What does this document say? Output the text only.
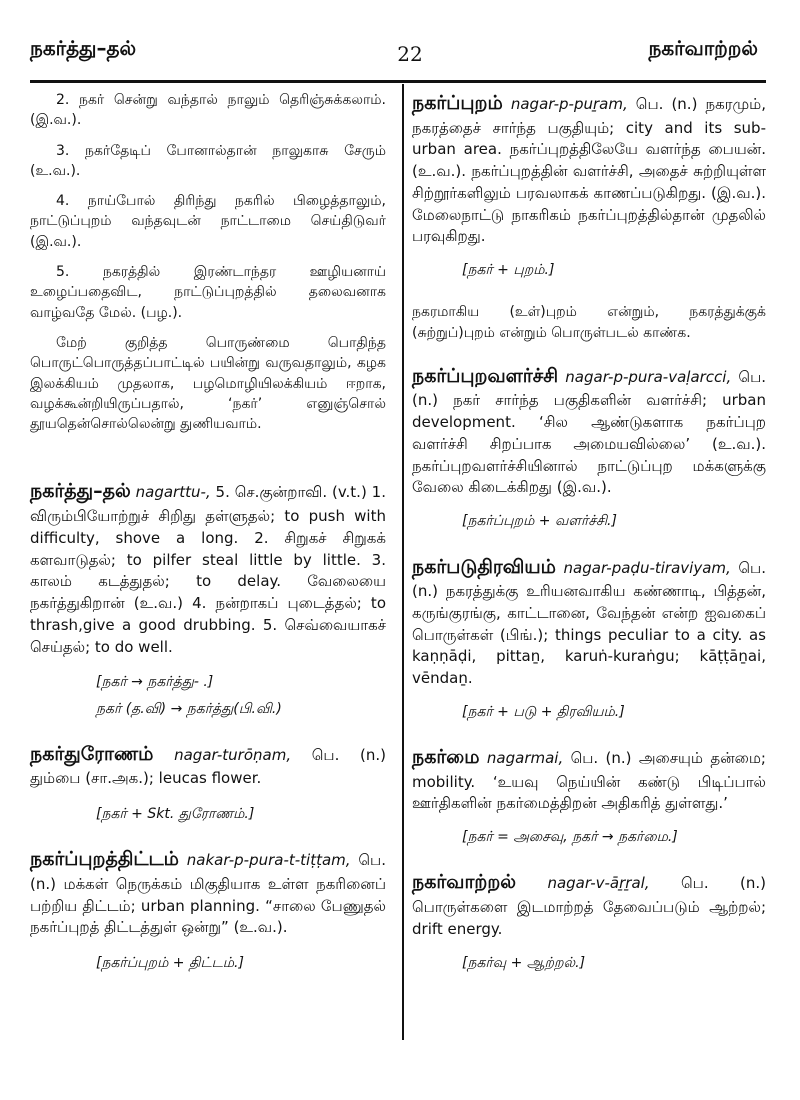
நகர்த்து–தல்	22	நகர்வாற்றல்

2. நகர் சென்று வந்தால் நாலும் தெரிஞ்சுக்கலாம். (இ.வ.).

3. நகர்தேடிப் போனால்தான் நாலுகாசு சேரும் (உ.வ.).

4. நாய்போல் திரிந்து நகரில் பிழைத்தாலும், நாட்டுப்புறம் வந்தவுடன் நாட்டாமை செய்திடுவர் (இ.வ.).

5. நகரத்தில் இரண்டாந்தர ஊழியனாய் உழைப்பதைவிட, நாட்டுப்புறத்தில் தலைவனாக வாழ்வதே மேல். (பழ.).

மேற் குறித்த பொருண்மை பொதிந்த பொருட்பொருத்தப்பாட்டில் பயின்று வருவதாலும், கழக இலக்கியம் முதலாக, பழமொழியிலக்கியம் ஈறாக, வழக்கூன்றியிருப்பதால், ‘நகர்’ எனுஞ்சொல் தூயதென்சொல்லென்று துணியவாம்.

நகர்த்து–தல் nagarttu-, 5. செ.குன்றாவி. (v.t.) 1. விரும்பியோற்றுச் சிறிது தள்ளுதல்; to push with difficulty, shove a long. 2. சிறுகச் சிறுகக் களவாடுதல்; to pilfer steal little by little. 3. காலம் கடத்துதல்; to delay. வேலையை நகர்த்துகிறான் (உ.வ.) 4. நன்றாகப் புடைத்தல்; to thrash,give a good drubbing. 5. செவ்வையாகச் செய்தல்; to do well.

[நகர் → நகர்த்து- .]

நகர் (த.வி) → நகர்த்து(பி.வி.)

நகர்துரோணம் nagar-turōṇam, பெ. (n.) தும்பை (சா.அக.); leucas flower.

[நகர் + Skt. துரோணம்.]

நகர்ப்புறத்திட்டம் nakar-p-pura-t-tiṭṭam, பெ. (n.) மக்கள் நெருக்கம் மிகுதியாக உள்ள நகரினைப் பற்றிய திட்டம்; urban planning. “சாலை பேணுதல் நகர்ப்புறத் திட்டத்துள் ஒன்று” (உ.வ.).

[நகர்ப்புறம் + திட்டம்.]

நகர்ப்புறம் nagar-p-puṟam, பெ. (n.) நகரமும், நகரத்தைச் சார்ந்த பகுதியும்; city and its sub-urban area. நகர்ப்புறத்திலேயே வளர்ந்த பையன். (உ.வ.). நகர்ப்புறத்தின் வளர்ச்சி, அதைச் சுற்றியுள்ள சிற்றூர்களிலும் பரவலாகக் காணப்படுகிறது. (இ.வ.). மேலைநாட்டு நாகரிகம் நகர்ப்புறத்தில்தான் முதலில் பரவுகிறது.

[நகர் + புறம்.]

நகரமாகிய (உள்)புறம் என்றும், நகரத்துக்குக் (சுற்றுப்)புறம் என்றும் பொருள்படல் காண்க.

நகர்ப்புறவளர்ச்சி nagar-p-pura-vaḷarcci, பெ. (n.) நகர் சார்ந்த பகுதிகளின் வளர்ச்சி; urban development. ‘சில ஆண்டுகளாக நகர்ப்புற வளர்ச்சி சிறப்பாக அமையவில்லை’ (உ.வ.). நகர்ப்புறவளர்ச்சியினால் நாட்டுப்புற மக்களுக்கு வேலை கிடைக்கிறது (இ.வ.).

[நகர்ப்புறம் + வளர்ச்சி.]

நகர்படுதிரவியம் nagar-paḍu-tiraviyam, பெ. (n.) நகரத்துக்கு உரியனவாகிய கண்ணாடி, பித்தன், கருங்குரங்கு, காட்டானை, வேந்தன் என்ற ஐவகைப் பொருள்கள் (பிங்.); things peculiar to a city. as kaṇṇāḍi, pittaṉ, karuṅ-kuraṅgu; kāṭṭāṉai, vēndaṉ.

[நகர் + படு + திரவியம்.]

நகர்மை nagarmai, பெ. (n.) அசையும் தன்மை; mobility. ‘உயவு நெய்யின் கண்டு பிடிப்பால் ஊர்திகளின் நகர்மைத்திறன் அதிகரித் துள்ளது.’

[நகர் = அசைவு, நகர் → நகர்மை.]

நகர்வாற்றல் nagar-v-āṟṟal, பெ. (n.) பொருள்களை இடமாற்றத் தேவைப்படும் ஆற்றல்; drift energy.

[நகர்வு + ஆற்றல்.]
